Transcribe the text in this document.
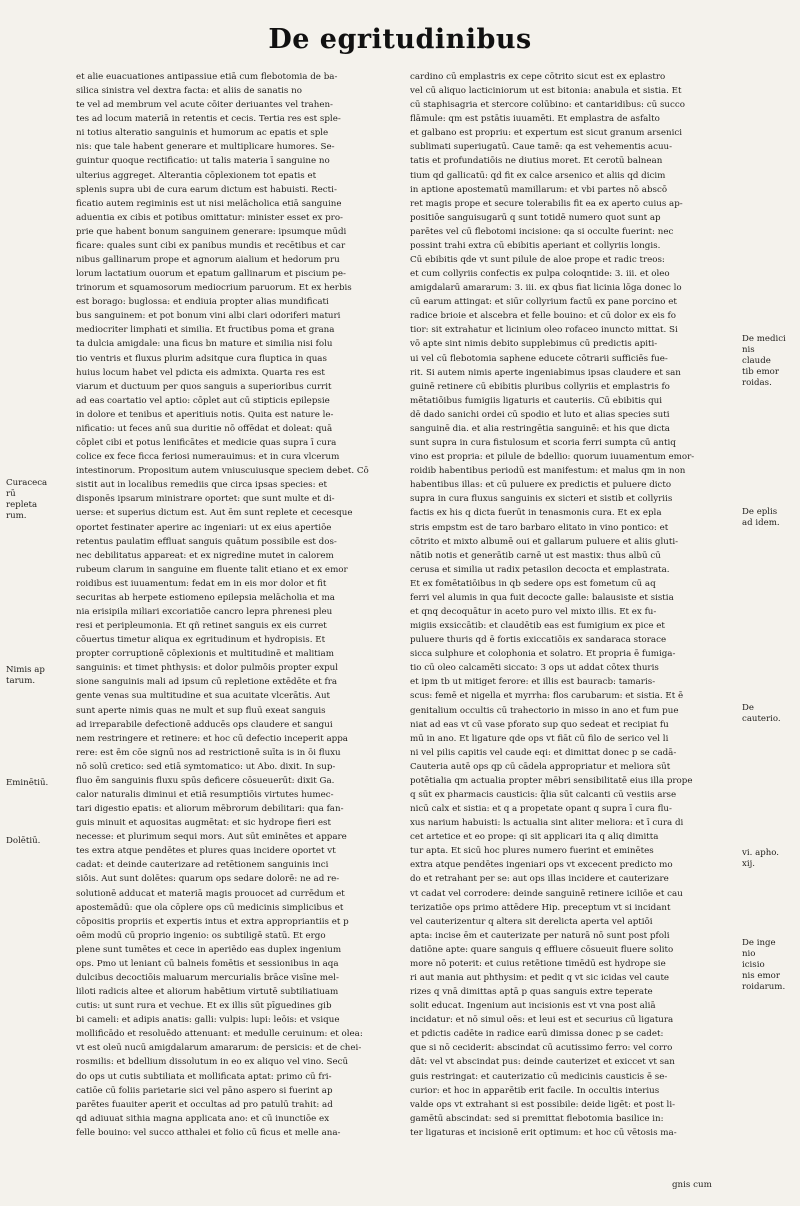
De egritudinibus
et alie euacuationes antipassiue etiā cum flebotomia de ba-
silica sinistra vel dextra facta: et aliis de sanatis no
te vel ad membrum vel acute cōiter deriuantes vel trahen-
tes ad locum materiā in retentis et cecis. Tertia res est sple-
ni totius alteratio sanguinis et humorum ac epatis et sple
nis: que tale habent generare et multiplicare humores. Se-
guintur quoque rectificatio: ut talis materia ī sanguine no
ulterius aggreget. Alterantia cōplexionem tot epatis et
splenis supra ubi de cura earum dictum est habuisti. Recti-
ficatio autem regiminis est ut nisi melācholica etiā sanguine
aduentia ex cibis et potibus omittatur: minister esset ex pro-
prie que habent bonum sanguinem generare: ipsumque mūdi
ficare: quales sunt cibi ex panibus mundis et recētibus et car
nibus gallinarum prope et agnorum aialium et hedorum pru
lorum lactatium ouorum et epatum gallinarum et piscium pe-
trinorum et squamosorum mediocrium paruorum. Et ex herbis
est borago: buglossa: et endiuia propter alias mundificati
bus sanguinem: et pot bonum vini albi clari odoriferi maturi
mediocriter limphati et similia. Et fructibus poma et grana
ta dulcia amigdale: una ficus bn mature et similia nisi folu
tio ventris et fluxus plurim adsitque cura fluptica in quas
huius locum habet vel pdicta eis admixta. Quarta res est
viarum et ductuum per quos sanguis a superioribus currit
ad eas coartatio vel aptio: cōplet aut cū stipticis epilepsie
in dolore et tenibus et aperitiuis notis. Quita est nature le-
nificatio: ut feces anū sua duritie nō offēdat et doleat: quā
cōplet cibi et potus lenificātes et medicie quas supra ī cura
colice ex fece ficca feriosi numerauimus: et in cura vlcerum
intestinorum. Propositum autem vniuscuiusque speciem debet. Cō
sistit aut in localibus remediis que circa ipsas species: et
disponēs ipsarum ministrare oportet: que sunt multe et di-
uerse: et superius dictum est. Aut ēm sunt replete et cecesque
oportet festinater aperire ac ingeniari: ut ex eius apertiōe
retentus paulatim effluat sanguis quātum possibile est dos-
nec debilitatus appareat: et ex nigredine mutet in calorem
rubeum clarum in sanguine em fluente talit etiano et ex emor
roidibus est iuuamentum: fedat em in eis mor dolor et fit
securitas ab herpete estiomeno epilepsia melācholia et ma
nia erisipila miliari excoriatiōe cancro lepra phrenesi pleu
resi et peripleumonia. Et qñ retinet sanguis ex eis curret
cōuertus timetur aliqua ex egritudinum et hydropisis. Et
propter corruptionē cōplexionis et multitudinē et malitiam
sanguinis: et timet phthysis: et dolor pulmōis propter expul
sione sanguinis mali ad ipsum cū repletione extēdēte et fra
gente venas sua multitudine et sua acuitate vlcerātis. Aut
sunt aperte nimis quas ne mult et sup fluū exeat sanguis
ad irreparabile defectionē adducēs ops claudere et sangui
nem restringere et retinere: et hoc cū defectio inceperit appa
rere: est ēm cōe signū nos ad restrictionē suīta is in ōi fluxu
nō solū cretico: sed etiā symtomatico: ut Abo. dixit. In sup-
fluo ēm sanguinis fluxu spūs deficere cōsueuerūt: dixit Ga.
calor naturalis diminui et etiā resumptiōis virtutes humec-
tari digestio epatis: et aliorum mēbrorum debilitari: qua fan-
guis minuit et aquositas augmētat: et sic hydrope fieri est
necesse: et plurimum sequi mors. Aut sūt eminētes et appare
tes extra atque pendētes et plures quas incidere oportet vt
cadat: et deinde cauterizare ad retētionem sanguinis inci
siōis. Aut sunt dolētes: quarum ops sedare dolorē: ne ad re-
solutionē adducat et materiā magis prouocet ad currēdum et
apostemādū: que ola cōplere ops cū medicinis simplicibus et
cōpositis propriis et expertis intus et extra appropriantiis et p
oēm modū cū proprio ingenio: os subtiligē statū. Et ergo
plene sunt tumētes et cece in aperiēdo eas duplex ingenium
ops. Pmo ut leniant cū balneis fomētis et sessionibus in aqa
dulcibus decoctiōis maluarum mercurialis brāce visīne mel-
liloti radicis altee et aliorum habētium virtutē subtiliatiuam
cutis: ut sunt rura et vechue. Et ex illis sūt pīguedines gib
bi cameli: et adipis anatis: galli: vulpis: lupi: leōis: et vsique
mollificādo et resoluēdo attenuant: et medulle ceruinum: et olea:
vt est oleū nucū amigdalarum amararum: de persicis: et de chei-
rosmilis: et bdellium dissolutum in eo ex aliquo vel vino. Secū
do ops ut cutis subtiliata et mollificata aptat: primo cū fri-
catiōe cū foliis parietarie sici vel pāno aspero si fuerint ap
parētes fuauiter aperit et occultas ad pro patulū trahit: ad
qd adiuuat sithia magna applicata ano: et cū inunctiōe ex
felle bouino: vel succo atthalei et folio cū ficus et melle ana-
cardino cū emplastris ex cepe cōtrito sicut est ex eplastro
vel cū aliquo lacticiniorum ut est bitonia: anabula et sistia. Et
cū staphisagria et stercore colūbino: et cantaridibus: cū succo
flāmule: qm est pstātis iuuamēti. Et emplastra de asfalto
et galbano est propriu: et expertum est sicut granum arsenici
sublimati superiugatū. Caue tamē: qa est vehementis acuu-
tatis et profundatiōis ne diutius moret. Et cerotū balnean
tium qd gallicatū: qd fit ex calce arsenico et aliis qd dicim
in aptione apostematū mamillarum: et vbi partes nō abscō
ret magis prope et secure tolerabilis fit ea ex aperto cuius ap-
positiōe sanguisugarū q sunt totidē numero quot sunt ap
parētes vel cū flebotomi incisione: qa si occulte fuerint: nec
possint trahi extra cū ebibitis aperiant et collyriis longis.
Cū ebibitis qde vt sunt pilule de aloe prope et radic treos:
et cum collyriis confectis ex pulpa coloqntide: 3. iii. et oleo
amigdalarū amararum: 3. iii. ex qbus fiat licinia lōga donec lo
cū earum attingat: et siūr collyrium factū ex pane porcino et
radice brioie et alscebra et felle bouino: et cū dolor ex eis fo
tior: sit extrahatur et licinium oleo rofaceo inuncto mittat. Si
vō apte sint nimis debito supplebimus cū predictis apiti-
ui vel cū flebotomia saphene educete cōtrarii sufficiēs fue-
rit. Si autem nimis aperte ingeniabimus ipsas claudere et san
guinē retinere cū ebibitis pluribus collyriis et emplastris fo
mētatiōibus fumigiis ligaturis et cauteriis. Cū ebibitis qui
dē dado sanichi ordei cū spodio et luto et alias species suti
sanguinē dia. et alia restringētia sanguinē: et his que dicta
sunt supra in cura fistulosum et scoria ferri sumpta cū antiq
vino est propria: et pilule de bdellio: quorum iuuamentum emor-
roidib habentibus periodū est manifestum: et malus qm in non
habentibus illas: et cū puluere ex predictis et puluere dicto
supra in cura fluxus sanguinis ex sicteri et sistib et collyriis
factis ex his q dicta fuerūt in tenasmonis cura. Et ex epla
stris empstm est de taro barbaro elitato in vino pontico: et
cōtrito et mixto albumē oui et gallarum puluere et aliis gluti-
nātib notis et generātib carnē ut est mastix: thus albū cū
cerusa et similia ut radix petasilon decocta et emplastrata.
Et ex fomētatiōibus in qb sedere ops est fometum cū aq
ferri vel alumis in qua fuit decocte galle: balausiste et sistia
et qnq decoquātur in aceto puro vel mixto illis. Et ex fu-
migiis exsiccātib: et claudētib eas est fumigium ex pice et
puluere thuris qd ē fortis exiccatiōis ex sandaraca storace
sicca sulphure et colophonia et solatro. Et propria ē fumiga-
tio cū oleo calcamēti siccato: 3 ops ut addat cōtex thuris
et ipm tb ut mitiget ferore: et illis est bauracb: tamaris-
scus: femē et nigella et myrrha: flos carubarum: et sistia. Et ē
genitalium occultis cū trahectorio in misso in ano et fum pue
niat ad eas vt cū vase pforato sup quo sedeat et recipiat fu
mū in ano. Et ligature qde ops vt fiāt cū filo de serico vel li
ni vel pilis capitis vel caude eqi: et dimittat donec p se cadā-
Cauteria autē ops qp cū cādela appropriatur et meliora sūt
potētialia qm actualia propter mēbri sensibilitatē eius illa prope
q sūt ex pharmacis causticis: q̄lia sūt calcanti cū vestiis arse
nicū calx et sistia: et q a propetate opant q supra ī cura flu-
xus narium habuisti: ls actualia sint aliter meliora: et ī cura di
cet artetice et eo prope: qi sit applicari ita q aliq dimitta
tur apta. Et sicū hoc plures numero fuerint et eminētes
extra atque pendētes ingeniari ops vt excecent predicto mo
do et retrahant per se: aut ops illas incidere et cauterizare
vt cadat vel corrodere: deinde sanguinē retinere iciliōe et cau
terizatiōe ops primo attēdere Hip. preceptum vt si incidant
vel cauterizentur q altera sit derelicta aperta vel aptiōi
apta: incise ēm et cauterizate per naturā nō sunt post pfoli
datiōne apte: quare sanguis q effluere cōsueuit fluere solito
more nō poterit: et cuius retētione timēdū est hydrope sie
ri aut mania aut phthysim: et pedit q vt sic icidas vel caute
rizes q vnā dimittas aptā p quas sanguis extre teperate
solit educat. Ingenium aut incisionis est vt vna post aliā
incidatur: et nō simul oēs: et leui est et securius cū ligatura
et pdictis cadēte in radice earū dimissa donec p se cadet:
que si nō ceciderit: abscindat cū acutissimo ferro: vel corro
dāt: vel vt abscindat pus: deinde cauterizet et exiccet vt san
guis restringat: et cauterizatio cū medicinis causticis ē se-
curior: et hoc in apparētib erit facile. In occultis interius
valde ops vt extrahant si est possibile: deide ligēt: et post li-
gamētū abscindat: sed si premittat flebotomia basilice in:
ter ligaturas et incisionē erit optimum: et hoc cū vētosis ma-
Curaceca
rū
repleta
rum.
Nimis ap
tarum.
Eminētiū.
Dolētiū.
De medici
nis
claude
tib emor
roidas.
De eplis
ad idem.
De
cauterio.
vi. apho.
xij.
De inge
nio
icisio
nis emor
roidarum.
gnis cum
